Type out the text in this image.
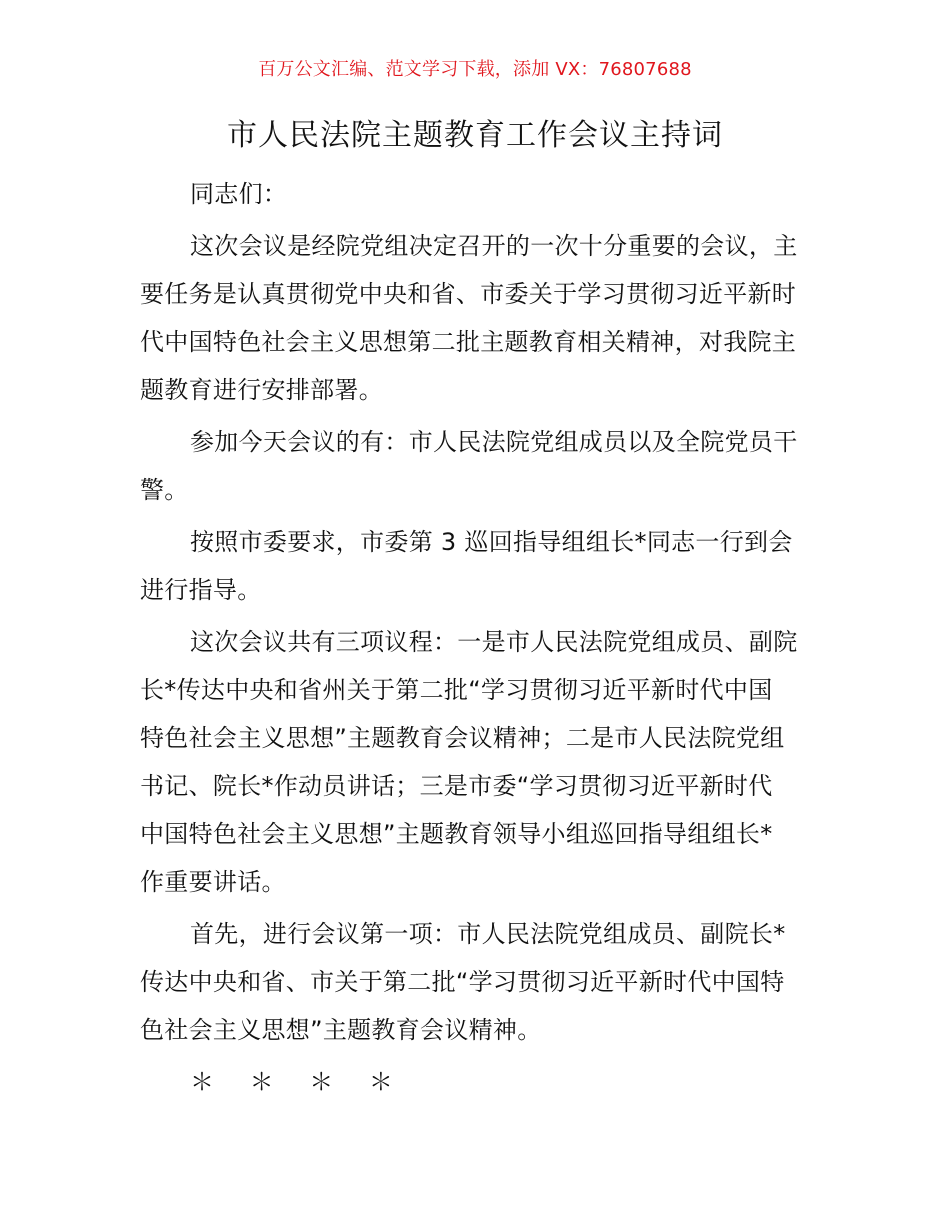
百万公文汇编、范文学习下载，添加 VX：76807688
市人民法院主题教育工作会议主持词
同志们：
这次会议是经院党组决定召开的一次十分重要的会议，主
要任务是认真贯彻党中央和省、市委关于学习贯彻习近平新时
代中国特色社会主义思想第二批主题教育相关精神，对我院主
题教育进行安排部署。
参加今天会议的有：市人民法院党组成员以及全院党员干
警。
按照市委要求，市委第 3 巡回指导组组长*同志一行到会
进行指导。
这次会议共有三项议程：一是市人民法院党组成员、副院
长*传达中央和省州关于第二批“学习贯彻习近平新时代中国
特色社会主义思想”主题教育会议精神；二是市人民法院党组
书记、院长*作动员讲话；三是市委“学习贯彻习近平新时代
中国特色社会主义思想”主题教育领导小组巡回指导组组长*
作重要讲话。
首先，进行会议第一项：市人民法院党组成员、副院长*
传达中央和省、市关于第二批“学习贯彻习近平新时代中国特
色社会主义思想”主题教育会议精神。
＊ ＊ ＊ ＊
